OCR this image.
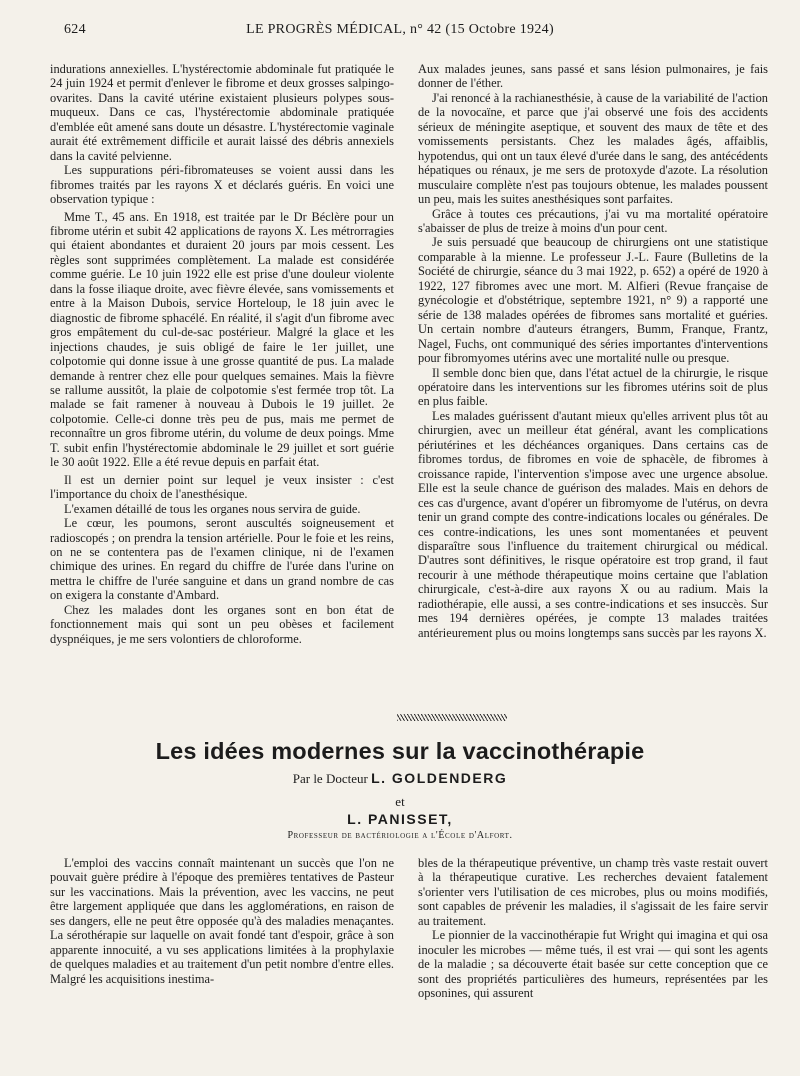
624	LE PROGRÈS MÉDICAL, n° 42 (15 Octobre 1924)

indurations annexielles. L'hystérectomie abdominale fut pratiquée le 24 juin 1924 et permit d'enlever le fibrome et deux grosses salpingo-ovarites. Dans la cavité utérine existaient plusieurs polypes sous-muqueux. Dans ce cas, l'hystérectomie abdominale pratiquée d'emblée eût amené sans doute un désastre. L'hystérectomie vaginale aurait été extrêmement difficile et aurait laissé des débris annexiels dans la cavité pelvienne.

Les suppurations péri-fibromateuses se voient aussi dans les fibromes traités par les rayons X et déclarés guéris. En voici une observation typique :

Mme T., 45 ans. En 1918, est traitée par le Dr Béclère pour un fibrome utérin et subit 42 applications de rayons X. Les métrorragies qui étaient abondantes et duraient 20 jours par mois cessent. Les règles sont supprimées complètement. La malade est considérée comme guérie. Le 10 juin 1922 elle est prise d'une douleur violente dans la fosse iliaque droite, avec fièvre élevée, sans vomissements et entre à la Maison Dubois, service Horteloup, le 18 juin avec le diagnostic de fibrome sphacélé. En réalité, il s'agit d'un fibrome avec gros empâtement du cul-de-sac postérieur. Malgré la glace et les injections chaudes, je suis obligé de faire le 1er juillet, une colpotomie qui donne issue à une grosse quantité de pus. La malade demande à rentrer chez elle pour quelques semaines. Mais la fièvre se rallume aussitôt, la plaie de colpotomie s'est fermée trop tôt. La malade se fait ramener à nouveau à Dubois le 19 juillet. 2e colpotomie. Celle-ci donne très peu de pus, mais me permet de reconnaître un gros fibrome utérin, du volume de deux poings. Mme T. subit enfin l'hystérectomie abdominale le 29 juillet et sort guérie le 30 août 1922. Elle a été revue depuis en parfait état.

Il est un dernier point sur lequel je veux insister : c'est l'importance du choix de l'anesthésique.

L'examen détaillé de tous les organes nous servira de guide.

Le cœur, les poumons, seront auscultés soigneusement et radioscopés ; on prendra la tension artérielle. Pour le foie et les reins, on ne se contentera pas de l'examen clinique, ni de l'examen chimique des urines. En regard du chiffre de l'urée dans l'urine on mettra le chiffre de l'urée sanguine et dans un grand nombre de cas on exigera la constante d'Ambard.

Chez les malades dont les organes sont en bon état de fonctionnement mais qui sont un peu obèses et facilement dyspnéiques, je me sers volontiers de chloroforme.

Aux malades jeunes, sans passé et sans lésion pulmonaires, je fais donner de l'éther.

J'ai renoncé à la rachianesthésie, à cause de la variabilité de l'action de la novocaïne, et parce que j'ai observé une fois des accidents sérieux de méningite aseptique, et souvent des maux de tête et des vomissements persistants. Chez les malades âgés, affaiblis, hypotendus, qui ont un taux élevé d'urée dans le sang, des antécédents hépatiques ou rénaux, je me sers de protoxyde d'azote. La résolution musculaire complète n'est pas toujours obtenue, les malades poussent un peu, mais les suites anesthésiques sont parfaites.

Grâce à toutes ces précautions, j'ai vu ma mortalité opératoire s'abaisser de plus de treize à moins d'un pour cent.

Je suis persuadé que beaucoup de chirurgiens ont une statistique comparable à la mienne. Le professeur J.-L. Faure (Bulletins de la Société de chirurgie, séance du 3 mai 1922, p. 652) a opéré de 1920 à 1922, 127 fibromes avec une mort. M. Alfieri (Revue française de gynécologie et d'obstétrique, septembre 1921, n° 9) a rapporté une série de 138 malades opérées de fibromes sans mortalité et guéries. Un certain nombre d'auteurs étrangers, Bumm, Franque, Frantz, Nagel, Fuchs, ont communiqué des séries importantes d'interventions pour fibromyomes utérins avec une mortalité nulle ou presque.

Il semble donc bien que, dans l'état actuel de la chirurgie, le risque opératoire dans les interventions sur les fibromes utérins soit de plus en plus faible.

Les malades guérissent d'autant mieux qu'elles arrivent plus tôt au chirurgien, avec un meilleur état général, avant les complications périutérines et les déchéances organiques. Dans certains cas de fibromes tordus, de fibromes en voie de sphacèle, de fibromes à croissance rapide, l'intervention s'impose avec une urgence absolue. Elle est la seule chance de guérison des malades. Mais en dehors de ces cas d'urgence, avant d'opérer un fibromyome de l'utérus, on devra tenir un grand compte des contre-indications locales ou générales. De ces contre-indications, les unes sont momentanées et peuvent disparaître sous l'influence du traitement chirurgical ou médical. D'autres sont définitives, le risque opératoire est trop grand, il faut recourir à une méthode thérapeutique moins certaine que l'ablation chirurgicale, c'est-à-dire aux rayons X ou au radium. Mais la radiothérapie, elle aussi, a ses contre-indications et ses insuccès. Sur mes 194 dernières opérées, je compte 13 malades traitées antérieurement plus ou moins longtemps sans succès par les rayons X.

Les idées modernes sur la vaccinothérapie
Par le Docteur L. GOLDENDERG
et
L. PANISSET,
Professeur de bactériologie a l'École d'Alfort.

L'emploi des vaccins connaît maintenant un succès que l'on ne pouvait guère prédire à l'époque des premières tentatives de Pasteur sur les vaccinations. Mais la prévention, avec les vaccins, ne peut être largement appliquée que dans les agglomérations, en raison de ses dangers, elle ne peut être opposée qu'à des maladies menaçantes. La sérothérapie sur laquelle on avait fondé tant d'espoir, grâce à son apparente innocuité, a vu ses applications limitées à la prophylaxie de quelques maladies et au traitement d'un petit nombre d'entre elles. Malgré les acquisitions inestima-

bles de la thérapeutique préventive, un champ très vaste restait ouvert à la thérapeutique curative. Les recherches devaient fatalement s'orienter vers l'utilisation de ces microbes, plus ou moins modifiés, sont capables de prévenir les maladies, il s'agissait de les faire servir au traitement.

Le pionnier de la vaccinothérapie fut Wright qui imagina et qui osa inoculer les microbes — même tués, il est vrai — qui sont les agents de la maladie ; sa découverte était basée sur cette conception que ce sont des propriétés particulières des humeurs, représentées par les opsonines, qui assurent
